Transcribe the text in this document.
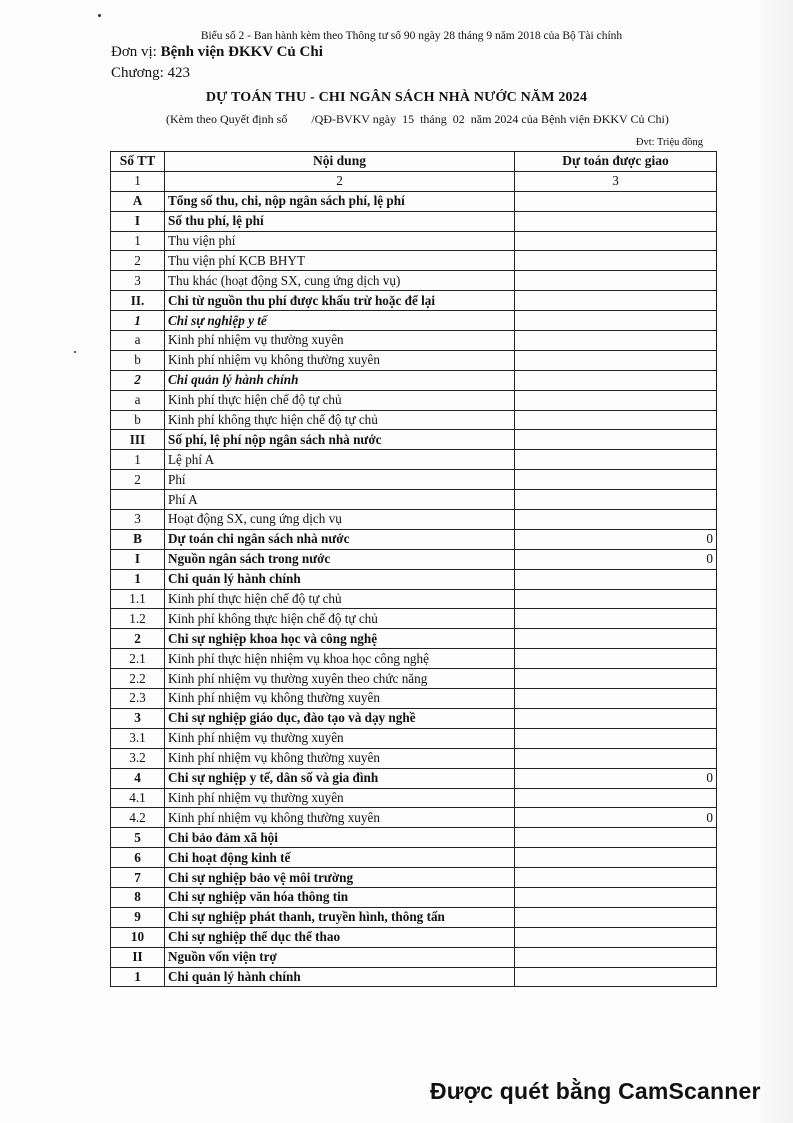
Biểu số 2 - Ban hành kèm theo Thông tư số 90 ngày 28 tháng 9 năm 2018 của Bộ Tài chính
Đơn vị: Bệnh viện ĐKKV Củ Chi
Chương: 423
DỰ TOÁN THU - CHI NGÂN SÁCH NHÀ NƯỚC NĂM 2024
(Kèm theo Quyết định số        /QĐ-BVKV ngày  15  tháng  02  năm 2024 của Bệnh viện ĐKKV Củ Chi)
Đvt: Triệu đồng
Số TT	Nội dung	Dự toán được giao
1	2	3
A	Tổng số thu, chi, nộp ngân sách phí, lệ phí	
I	Số thu phí, lệ phí	
1	Thu viện phí	
2	Thu viện phí KCB BHYT	
3	Thu khác (hoạt động SX, cung ứng dịch vụ)	
II.	Chi từ nguồn thu phí được khấu trừ hoặc để lại	
1	Chi sự nghiệp y tế	
a	Kinh phí nhiệm vụ thường xuyên	
b	Kinh phí nhiệm vụ không thường xuyên	
2	Chi quản lý hành chính	
a	Kinh phí thực hiện chế độ tự chủ	
b	Kinh phí không thực hiện chế độ tự chủ	
III	Số phí, lệ phí nộp ngân sách nhà nước	
1	Lệ phí A	
2	Phí	
	Phí A	
3	Hoạt động SX, cung ứng dịch vụ	
B	Dự toán chi ngân sách nhà nước	0
I	Nguồn ngân sách trong nước	0
1	Chi quản lý hành chính	
1.1	Kinh phí thực hiện chế độ tự chủ	
1.2	Kinh phí không thực hiện chế độ tự chủ	
2	Chi sự nghiệp khoa học và công nghệ	
2.1	Kinh phí thực hiện nhiệm vụ khoa học công nghệ	
2.2	Kinh phí nhiệm vụ thường xuyên theo chức năng	
2.3	Kinh phí nhiệm vụ không thường xuyên	
3	Chi sự nghiệp giáo dục, đào tạo và dạy nghề	
3.1	Kinh phí nhiệm vụ thường xuyên	
3.2	Kinh phí nhiệm vụ không thường xuyên	
4	Chi sự nghiệp y tế, dân số và gia đình	0
4.1	Kinh phí nhiệm vụ thường xuyên	
4.2	Kinh phí nhiệm vụ không thường xuyên	0
5	Chi bảo đảm xã hội	
6	Chi hoạt động kinh tế	
7	Chi sự nghiệp bảo vệ môi trường	
8	Chi sự nghiệp văn hóa thông tin	
9	Chi sự nghiệp phát thanh, truyền hình, thông tấn	
10	Chi sự nghiệp thể dục thể thao	
II	Nguồn vốn viện trợ	
1	Chi quản lý hành chính	
Được quét bằng CamScanner
